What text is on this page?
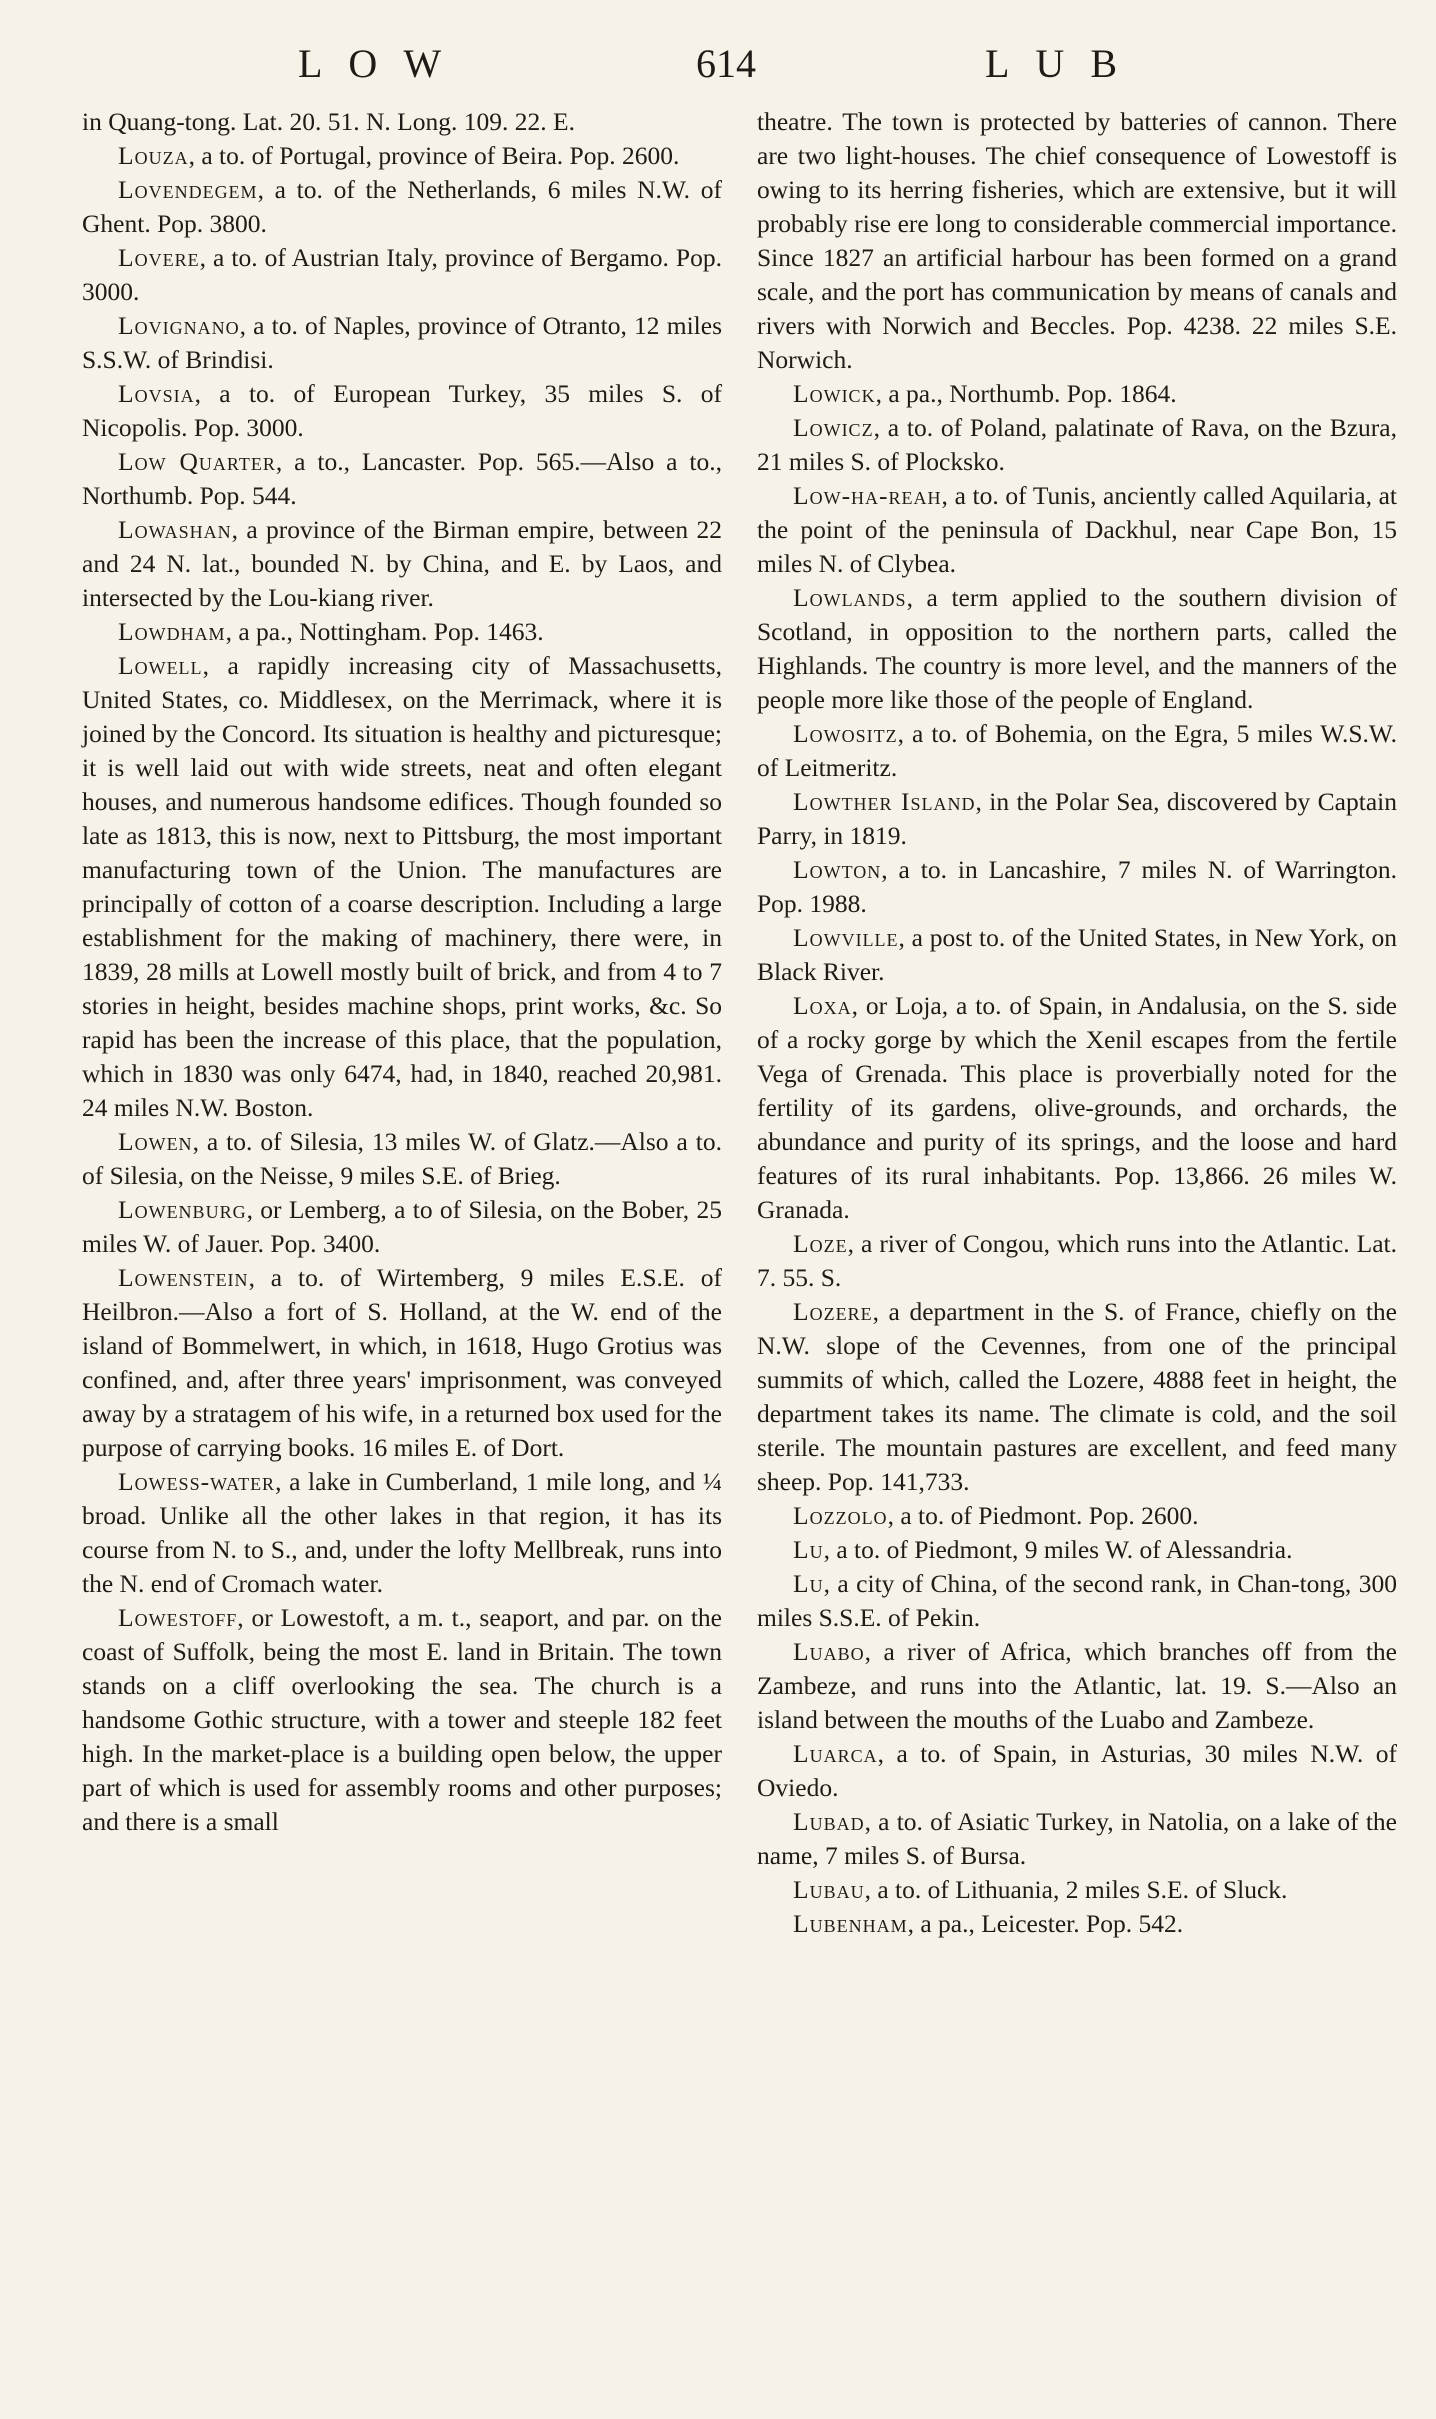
LOW	614	LUB

in Quang-tong. Lat. 20. 51. N. Long. 109. 22. E.

Louza, a to. of Portugal, province of Beira. Pop. 2600.

Lovendegem, a to. of the Netherlands, 6 miles N.W. of Ghent. Pop. 3800.

Lovere, a to. of Austrian Italy, province of Bergamo. Pop. 3000.

Lovignano, a to. of Naples, province of Otranto, 12 miles S.S.W. of Brindisi.

Lovsia, a to. of European Turkey, 35 miles S. of Nicopolis. Pop. 3000.

Low Quarter, a to., Lancaster. Pop. 565.—Also a to., Northumb. Pop. 544.

Lowashan, a province of the Birman empire, between 22 and 24 N. lat., bounded N. by China, and E. by Laos, and intersected by the Lou-kiang river.

Lowdham, a pa., Nottingham. Pop. 1463.

Lowell, a rapidly increasing city of Massachusetts, United States, co. Middlesex, on the Merrimack, where it is joined by the Concord. Its situation is healthy and picturesque; it is well laid out with wide streets, neat and often elegant houses, and numerous handsome edifices. Though founded so late as 1813, this is now, next to Pittsburg, the most important manufacturing town of the Union. The manufactures are principally of cotton of a coarse description. Including a large establishment for the making of machinery, there were, in 1839, 28 mills at Lowell mostly built of brick, and from 4 to 7 stories in height, besides machine shops, print works, &c. So rapid has been the increase of this place, that the population, which in 1830 was only 6474, had, in 1840, reached 20,981. 24 miles N.W. Boston.

Lowen, a to. of Silesia, 13 miles W. of Glatz.—Also a to. of Silesia, on the Neisse, 9 miles S.E. of Brieg.

Lowenburg, or Lemberg, a to of Silesia, on the Bober, 25 miles W. of Jauer. Pop. 3400.

Lowenstein, a to. of Wirtemberg, 9 miles E.S.E. of Heilbron.—Also a fort of S. Holland, at the W. end of the island of Bommelwert, in which, in 1618, Hugo Grotius was confined, and, after three years' imprisonment, was conveyed away by a stratagem of his wife, in a returned box used for the purpose of carrying books. 16 miles E. of Dort.

Lowess-water, a lake in Cumberland, 1 mile long, and ¼ broad. Unlike all the other lakes in that region, it has its course from N. to S., and, under the lofty Mellbreak, runs into the N. end of Cromach water.

Lowestoff, or Lowestoft, a m. t., seaport, and par. on the coast of Suffolk, being the most E. land in Britain. The town stands on a cliff overlooking the sea. The church is a handsome Gothic structure, with a tower and steeple 182 feet high. In the market-place is a building open below, the upper part of which is used for assembly rooms and other purposes; and there is a small

theatre. The town is protected by batteries of cannon. There are two light-houses. The chief consequence of Lowestoff is owing to its herring fisheries, which are extensive, but it will probably rise ere long to considerable commercial importance. Since 1827 an artificial harbour has been formed on a grand scale, and the port has communication by means of canals and rivers with Norwich and Beccles. Pop. 4238. 22 miles S.E. Norwich.

Lowick, a pa., Northumb. Pop. 1864.

Lowicz, a to. of Poland, palatinate of Rava, on the Bzura, 21 miles S. of Plocksko.

Low-ha-reah, a to. of Tunis, anciently called Aquilaria, at the point of the peninsula of Dackhul, near Cape Bon, 15 miles N. of Clybea.

Lowlands, a term applied to the southern division of Scotland, in opposition to the northern parts, called the Highlands. The country is more level, and the manners of the people more like those of the people of England.

Lowositz, a to. of Bohemia, on the Egra, 5 miles W.S.W. of Leitmeritz.

Lowther Island, in the Polar Sea, discovered by Captain Parry, in 1819.

Lowton, a to. in Lancashire, 7 miles N. of Warrington. Pop. 1988.

Lowville, a post to. of the United States, in New York, on Black River.

Loxa, or Loja, a to. of Spain, in Andalusia, on the S. side of a rocky gorge by which the Xenil escapes from the fertile Vega of Grenada. This place is proverbially noted for the fertility of its gardens, olive-grounds, and orchards, the abundance and purity of its springs, and the loose and hard features of its rural inhabitants. Pop. 13,866. 26 miles W. Granada.

Loze, a river of Congou, which runs into the Atlantic. Lat. 7. 55. S.

Lozere, a department in the S. of France, chiefly on the N.W. slope of the Cevennes, from one of the principal summits of which, called the Lozere, 4888 feet in height, the department takes its name. The climate is cold, and the soil sterile. The mountain pastures are excellent, and feed many sheep. Pop. 141,733.

Lozzolo, a to. of Piedmont. Pop. 2600.

Lu, a to. of Piedmont, 9 miles W. of Alessandria.

Lu, a city of China, of the second rank, in Chan-tong, 300 miles S.S.E. of Pekin.

Luabo, a river of Africa, which branches off from the Zambeze, and runs into the Atlantic, lat. 19. S.—Also an island between the mouths of the Luabo and Zambeze.

Luarca, a to. of Spain, in Asturias, 30 miles N.W. of Oviedo.

Lubad, a to. of Asiatic Turkey, in Natolia, on a lake of the name, 7 miles S. of Bursa.

Lubau, a to. of Lithuania, 2 miles S.E. of Sluck.

Lubenham, a pa., Leicester. Pop. 542.
